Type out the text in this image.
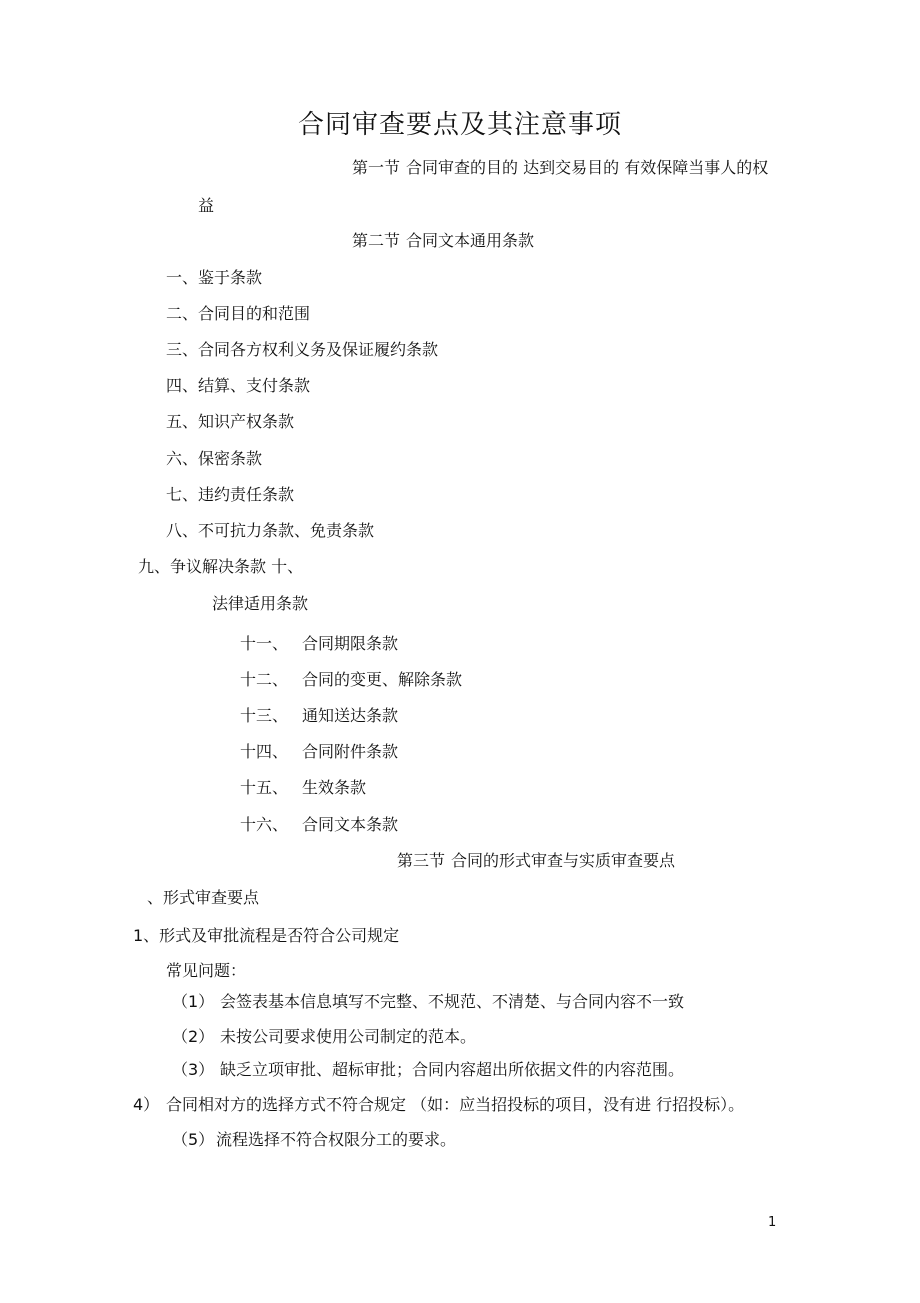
合同审查要点及其注意事项
第一节 合同审查的目的 达到交易目的 有效保障当事人的权
益
第二节 合同文本通用条款
一、鉴于条款
二、合同目的和范围
三、合同各方权利义务及保证履约条款
四、结算、支付条款
五、知识产权条款
六、保密条款
七、违约责任条款
八、不可抗力条款、免责条款
九、争议解决条款 十、
法律适用条款
十一、 合同期限条款
十二、 合同的变更、解除条款
十三、 通知送达条款
十四、 合同附件条款
十五、 生效条款
十六、 合同文本条款
第三节 合同的形式审查与实质审查要点
、形式审查要点
1、形式及审批流程是否符合公司规定
常见问题：
（1） 会签表基本信息填写不完整、不规范、不清楚、与合同内容不一致
（2） 未按公司要求使用公司制定的范本。
（3） 缺乏立项审批、超标审批；合同内容超出所依据文件的内容范围。
4） 合同相对方的选择方式不符合规定 （如：应当招投标的项目，没有进 行招投标）。
（5） 流程选择不符合权限分工的要求。
1
